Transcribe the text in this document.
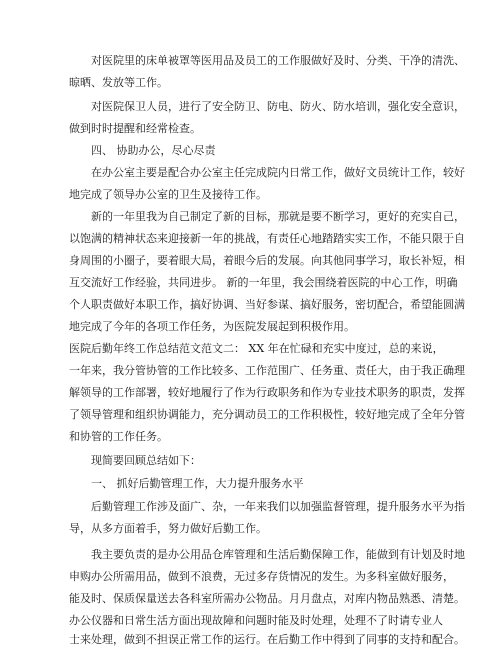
对医院里的床单被罩等医用品及员工的工作服做好及时、分类、干净的清洗、
晾晒、发放等工作。
对医院保卫人员，进行了安全防卫、防电、防火、防水培训，强化安全意识，
做到时时提醒和经常检查。
四、 协助办公，尽心尽责
在办公室主要是配合办公室主任完成院内日常工作，做好文员统计工作，较好
地完成了领导办公室的卫生及接待工作。
新的一年里我为自己制定了新的目标，那就是要不断学习，更好的充实自己，
以饱满的精神状态来迎接新一年的挑战，有责任心地踏踏实实工作，不能只限于自
身周围的小圈子，要着眼大局，着眼今后的发展。向其他同事学习，取长补短，相
互交流好工作经验，共同进步。 新的一年里，我会围绕着医院的中心工作，明确
个人职责做好本职工作，搞好协调、当好参谋、搞好服务，密切配合，希望能圆满
地完成了今年的各项工作任务，为医院发展起到积极作用。
医院后勤年终工作总结范文范文二： XX 年在忙碌和充实中度过，总的来说，
一年来，我分管协管的工作比较多、工作范围广、任务重、责任大，由于我正确理
解领导的工作部署，较好地履行了作为行政职务和作为专业技术职务的职责，发挥
了领导管理和组织协调能力，充分调动员工的工作积极性，较好地完成了全年分管
和协管的工作任务。
现简要回顾总结如下：
一、 抓好后勤管理工作，大力提升服务水平
后勤管理工作涉及面广、杂，一年来我们以加强监督管理，提升服务水平为指
导，从多方面着手，努力做好后勤工作。
我主要负责的是办公用品仓库管理和生活后勤保障工作，能做到有计划及时地
申购办公所需用品，做到不浪费，无过多存货情况的发生。为多科室做好服务，
能及时、保质保量送去各科室所需办公物品。月月盘点，对库内物品熟悉、清楚。
办公仪器和日常生活方面出现故障和问题时能及时处理，处理不了时请专业人
士来处理，做到不担误正常工作的运行。在后勤工作中得到了同事的支持和配合。
